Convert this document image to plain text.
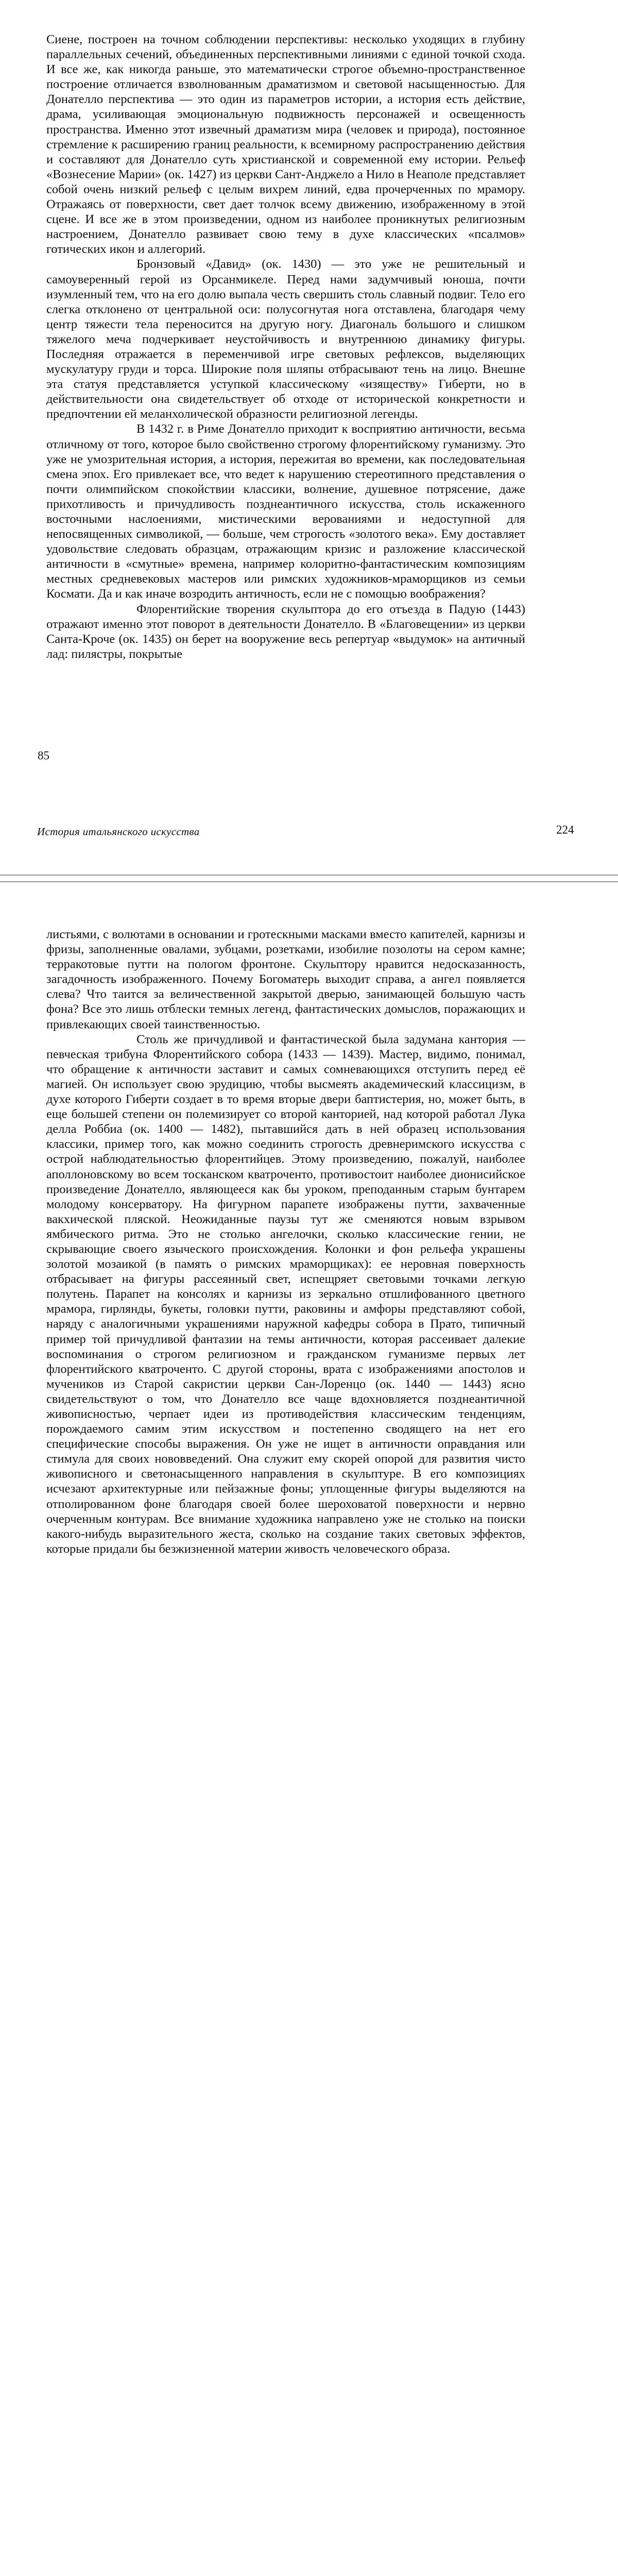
Сиене, построен на точном соблюдении перспективы: несколько уходящих в глубину параллельных сечений, объединенных перспективными линиями с единой точкой схода. И все же, как никогда раньше, это математически строгое объемно-пространственное построение отличается взволнованным драматизмом и световой насыщенностью. Для Донателло перспектива — это один из параметров истории, а история есть действие, драма, усиливающая эмоциональную подвижность персонажей и освещенность пространства. Именно этот извечный драматизм мира (человек и природа), постоянное стремление к расширению границ реальности, к всемирному распространению действия и составляют для Донателло суть христианской и современной ему истории. Рельеф «Вознесение Марии» (ок. 1427) из церкви Сант-Анджело а Нило в Неаполе представляет собой очень низкий рельеф с целым вихрем линий, едва прочерченных по мрамору. Отражаясь от поверхности, свет дает толчок всему движению, изображенному в этой сцене. И все же в этом произведении, одном из наиболее проникнутых религиозным настроением, Донателло развивает свою тему в духе классических «псалмов» готических икон и аллегорий.

Бронзовый «Давид» (ок. 1430) — это уже не решительный и самоуверенный герой из Орсанмикеле. Перед нами задумчивый юноша, почти изумленный тем, что на его долю выпала честь свершить столь славный подвиг. Тело его слегка отклонено от центральной оси: полусогнутая нога отставлена, благодаря чему центр тяжести тела переносится на другую ногу. Диагональ большого и слишком тяжелого меча подчеркивает неустойчивость и внутреннюю динамику фигуры. Последняя отражается в переменчивой игре световых рефлексов, выделяющих мускулатуру груди и торса. Широкие поля шляпы отбрасывают тень на лицо. Внешне эта статуя представляется уступкой классическому «изяществу» Гиберти, но в действительности она свидетельствует об отходе от исторической конкретности и предпочтении ей меланхолической образности религиозной легенды.

В 1432 г. в Риме Донателло приходит к восприятию античности, весьма отличному от того, которое было свойственно строгому флорентийскому гуманизму. Это уже не умозрительная история, а история, пережитая во времени, как последовательная смена эпох. Его привлекает все, что ведет к нарушению стереотипного представления о почти олимпийском спокойствии классики, волнение, душевное потрясение, даже прихотливость и причудливость позднеантичного искусства, столь искаженного восточными наслоениями, мистическими верованиями и недоступной для непосвященных символикой, — больше, чем строгость «золотого века». Ему доставляет удовольствие следовать образцам, отражающим кризис и разложение классической античности в «смутные» времена, например колоритно-фантастическим композициям местных средневековых мастеров или римских художников-мраморщиков из семьи Космати. Да и как иначе возродить античность, если не с помощью воображения?

Флорентийские творения скульптора до его отъезда в Падую (1443) отражают именно этот поворот в деятельности Донателло. В «Благовещении» из церкви Санта-Кроче (ок. 1435) он берет на вооружение весь репертуар «выдумок» на античный лад: пилястры, покрытые

85
История итальянского искусства	224

листьями, с волютами в основании и гротескными масками вместо капителей, карнизы и фризы, заполненные овалами, зубцами, розетками, изобилие позолоты на сером камне; терракотовые путти на пологом фронтоне. Скульптору нравится недосказанность, загадочность изображенного. Почему Богоматерь выходит справа, а ангел появляется слева? Что таится за величественной закрытой дверью, занимающей большую часть фона? Все это лишь отблески темных легенд, фантастических домыслов, поражающих и привлекающих своей таинственностью.

Столь же причудливой и фантастической была задумана кантория — певческая трибуна Флорентийского собора (1433 — 1439). Мастер, видимо, понимал, что обращение к античности заставит и самых сомневающихся отступить перед её магией. Он использует свою эрудицию, чтобы высмеять академический классицизм, в духе которого Гиберти создает в то время вторые двери баптистерия, но, может быть, в еще большей степени он полемизирует со второй канторией, над которой работал Лука делла Роббиа (ок. 1400 — 1482), пытавшийся дать в ней образец использования классики, пример того, как можно соединить строгость древнеримского искусства с острой наблюдательностью флорентийцев. Этому произведению, пожалуй, наиболее аполлоновскому во всем тосканском кватроченто, противостоит наиболее дионисийское произведение Донателло, являющееся как бы уроком, преподанным старым бунтарем молодому консерватору. На фигурном парапете изображены путти, захваченные вакхической пляской. Неожиданные паузы тут же сменяются новым взрывом ямбического ритма. Это не столько ангелочки, сколько классические гении, не скрывающие своего языческого происхождения. Колонки и фон рельефа украшены золотой мозаикой (в память о римских мраморщиках): ее неровная поверхность отбрасывает на фигуры рассеянный свет, испещряет световыми точками легкую полутень. Парапет на консолях и карнизы из зеркально отшлифованного цветного мрамора, гирлянды, букеты, головки путти, раковины и амфоры представляют собой, наряду с аналогичными украшениями наружной кафедры собора в Прато, типичный пример той причудливой фантазии на темы античности, которая рассеивает далекие воспоминания о строгом религиозном и гражданском гуманизме первых лет флорентийского кватроченто. С другой стороны, врата с изображениями апостолов и мучеников из Старой сакристии церкви Сан-Лоренцо (ок. 1440 — 1443) ясно свидетельствуют о том, что Донателло все чаще вдохновляется позднеантичной живописностью, черпает идеи из противодействия классическим тенденциям, порождаемого самим этим искусством и постепенно сводящего на нет его специфические способы выражения. Он уже не ищет в античности оправдания или стимула для своих нововведений. Она служит ему скорей опорой для развития чисто живописного и светонасыщенного направления в скульптуре. В его композициях исчезают архитектурные или пейзажные фоны; уплощенные фигуры выделяются на отполированном фоне благодаря своей более шероховатой поверхности и нервно очерченным контурам. Все внимание художника направлено уже не столько на поиски какого-нибудь выразительного жеста, сколько на создание таких световых эффектов, которые придали бы безжизненной материи живость человеческого образа.
